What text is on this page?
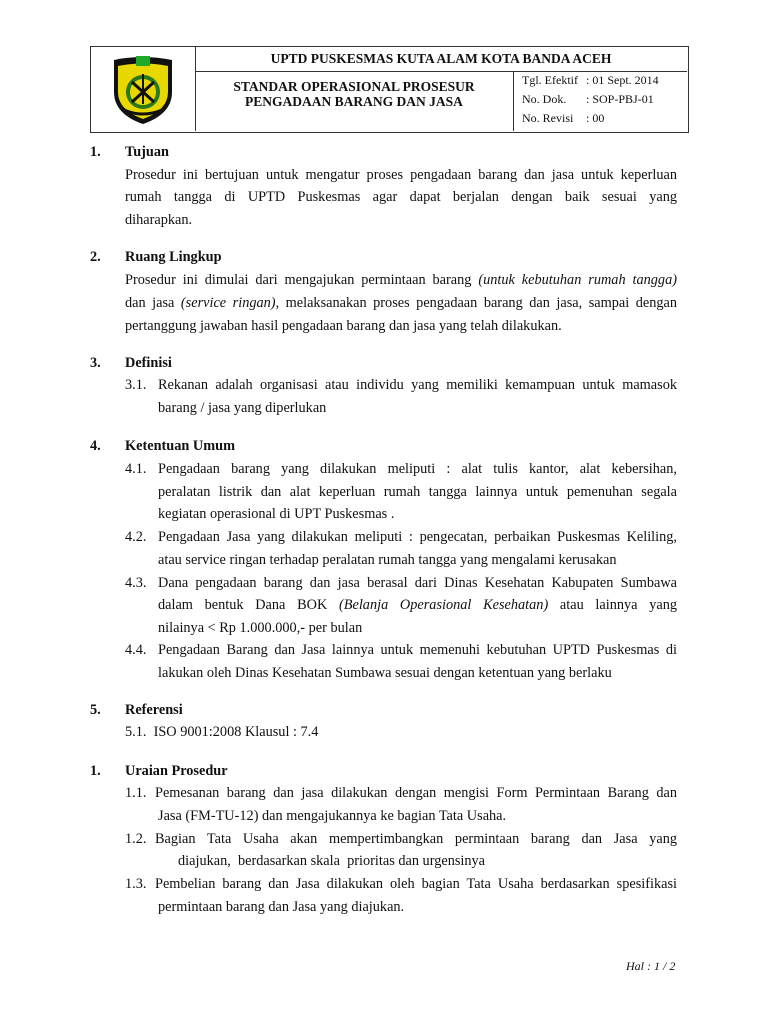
UPTD PUSKESMAS KUTA ALAM KOTA BANDA ACEH
STANDAR OPERASIONAL PROSESUR
PENGADAAN BARANG DAN JASA
Tgl. Efektif : 01 Sept. 2014
No. Dok. : SOP-PBJ-01
No. Revisi : 00
1. Tujuan
Prosedur ini bertujuan untuk mengatur proses pengadaan barang dan jasa untuk keperluan
rumah tangga di UPTD Puskesmas agar dapat berjalan dengan baik sesuai yang
diharapkan.
2. Ruang Lingkup
Prosedur ini dimulai dari mengajukan permintaan barang (untuk kebutuhan rumah tangga)
dan jasa (service ringan), melaksanakan proses pengadaan barang dan jasa, sampai dengan
pertanggung jawaban hasil pengadaan barang dan jasa yang telah dilakukan.
3. Definisi
3.1. Rekanan adalah organisasi atau individu yang memiliki kemampuan untuk mamasok
barang / jasa yang diperlukan
4. Ketentuan Umum
4.1. Pengadaan barang yang dilakukan meliputi : alat tulis kantor, alat kebersihan,
peralatan listrik dan alat keperluan rumah tangga lainnya untuk pemenuhan segala
kegiatan operasional di UPT Puskesmas .
4.2. Pengadaan Jasa yang dilakukan meliputi : pengecatan, perbaikan Puskesmas Keliling,
atau service ringan terhadap peralatan rumah tangga yang mengalami kerusakan
4.3. Dana pengadaan barang dan jasa berasal dari Dinas Kesehatan Kabupaten Sumbawa
dalam bentuk Dana BOK (Belanja Operasional Kesehatan) atau lainnya yang
nilainya < Rp 1.000.000,- per bulan
4.4. Pengadaan Barang dan Jasa lainnya untuk memenuhi kebutuhan UPTD Puskesmas di
lakukan oleh Dinas Kesehatan Sumbawa sesuai dengan ketentuan yang berlaku
5. Referensi
5.1.  ISO 9001:2008 Klausul : 7.4
1. Uraian Prosedur
1.1. Pemesanan barang dan jasa dilakukan dengan mengisi Form Permintaan Barang dan
Jasa (FM-TU-12) dan mengajukannya ke bagian Tata Usaha.
1.2. Bagian Tata Usaha akan mempertimbangkan permintaan barang dan Jasa yang
diajukan,  berdasarkan skala  prioritas dan urgensinya
1.3. Pembelian barang dan Jasa dilakukan oleh bagian Tata Usaha berdasarkan spesifikasi
permintaan barang dan Jasa yang diajukan.
Hal : 1 / 2
